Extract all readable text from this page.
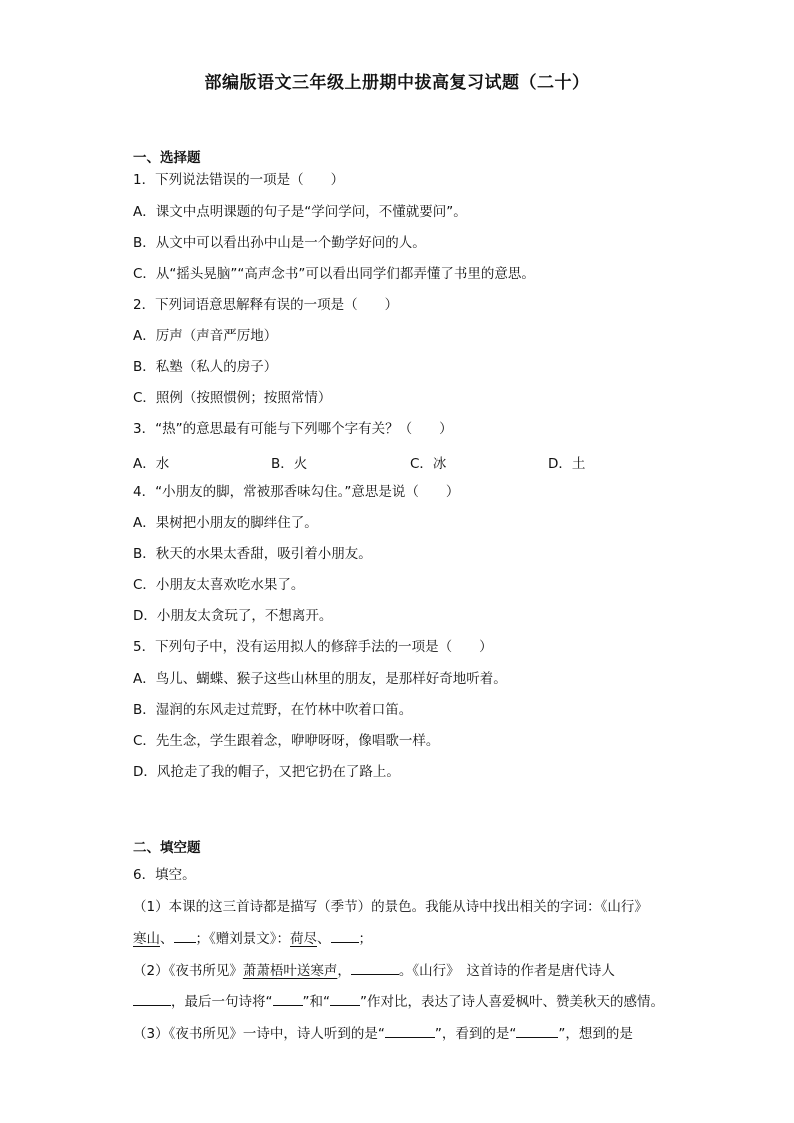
部编版语文三年级上册期中拔高复习试题（二十）
一、选择题
1．下列说法错误的一项是（　　）
A．课文中点明课题的句子是“学问学问，不懂就要问”。
B．从文中可以看出孙中山是一个勤学好问的人。
C．从“摇头晃脑”“高声念书”可以看出同学们都弄懂了书里的意思。
2．下列词语意思解释有误的一项是（　　）
A．厉声（声音严厉地）
B．私塾（私人的房子）
C．照例（按照惯例；按照常情）
3．“热”的意思最有可能与下列哪个字有关？（　　）
A．水	B．火	C．冰	D．土
4．“小朋友的脚，常被那香味勾住。”意思是说（　　）
A．果树把小朋友的脚绊住了。
B．秋天的水果太香甜，吸引着小朋友。
C．小朋友太喜欢吃水果了。
D．小朋友太贪玩了，不想离开。
5．下列句子中，没有运用拟人的修辞手法的一项是（　　）
A．鸟儿、蝴蝶、猴子这些山林里的朋友，是那样好奇地听着。
B．湿润的东风走过荒野，在竹林中吹着口笛。
C．先生念，学生跟着念，咿咿呀呀，像唱歌一样。
D．风抢走了我的帽子，又把它扔在了路上。
二、填空题
6．填空。
（1）本课的这三首诗都是描写（季节）的景色。我能从诗中找出相关的字词：《山行》
寒山、 ；《赠刘景文》：荷尽、 ；
（2）《夜书所见》萧萧梧叶送寒声，	。《山行》　这首诗的作者是唐代诗人
，最后一句诗将“ ”和“ ”作对比，表达了诗人喜爱枫叶、赞美秋天的感情。
（3）《夜书所见》一诗中，诗人听到的是“	”，看到的是“	”，想到的是
